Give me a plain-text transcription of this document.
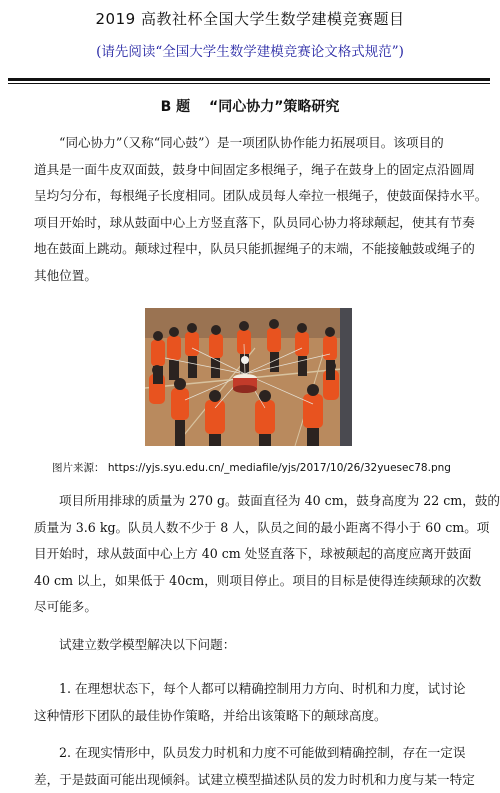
2019 高教社杯全国大学生数学建模竞赛题目
(请先阅读“全国大学生数学建模竞赛论文格式规范”)
B 题　 “同心协力”策略研究
“同心协力”（又称“同心鼓”）是一项团队协作能力拓展项目。该项目的
道具是一面牛皮双面鼓，鼓身中间固定多根绳子，绳子在鼓身上的固定点沿圆周
呈均匀分布，每根绳子长度相同。团队成员每人牵拉一根绳子，使鼓面保持水平。
项目开始时，球从鼓面中心上方竖直落下，队员同心协力将球颠起，使其有节奏
地在鼓面上跳动。颠球过程中，队员只能抓握绳子的末端，不能接触鼓或绳子的
其他位置。
图片来源： https://yjs.syu.edu.cn/_mediafile/yjs/2017/10/26/32yuesec78.png
项目所用排球的质量为 270 g。鼓面直径为 40 cm，鼓身高度为 22 cm，鼓的
质量为 3.6 kg。队员人数不少于 8 人，队员之间的最小距离不得小于 60 cm。项
目开始时，球从鼓面中心上方 40 cm 处竖直落下，球被颠起的高度应离开鼓面
40 cm 以上，如果低于 40cm，则项目停止。项目的目标是使得连续颠球的次数
尽可能多。
试建立数学模型解决以下问题：
1. 在理想状态下，每个人都可以精确控制用力方向、时机和力度，试讨论
这种情形下团队的最佳协作策略，并给出该策略下的颠球高度。
2. 在现实情形中，队员发力时机和力度不可能做到精确控制，存在一定误
差，于是鼓面可能出现倾斜。试建立模型描述队员的发力时机和力度与某一特定
